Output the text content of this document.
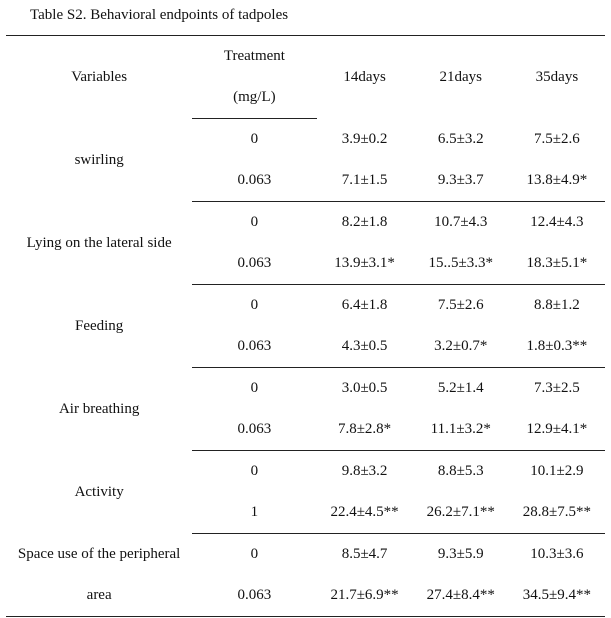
Table S2. Behavioral endpoints of tadpoles
Variables	Treatment	14days	21days	35days
	(mg/L)			
swirling	0	3.9±0.2	6.5±3.2	7.5±2.6
	0.063	7.1±1.5	9.3±3.7	13.8±4.9*
Lying on the lateral side	0	8.2±1.8	10.7±4.3	12.4±4.3
	0.063	13.9±3.1*	15..5±3.3*	18.3±5.1*
Feeding	0	6.4±1.8	7.5±2.6	8.8±1.2
	0.063	4.3±0.5	3.2±0.7*	1.8±0.3**
Air breathing	0	3.0±0.5	5.2±1.4	7.3±2.5
	0.063	7.8±2.8*	11.1±3.2*	12.9±4.1*
Activity	0	9.8±3.2	8.8±5.3	10.1±2.9
	1	22.4±4.5**	26.2±7.1**	28.8±7.5**
Space use of the peripheral	0	8.5±4.7	9.3±5.9	10.3±3.6
area	0.063	21.7±6.9**	27.4±8.4**	34.5±9.4**
